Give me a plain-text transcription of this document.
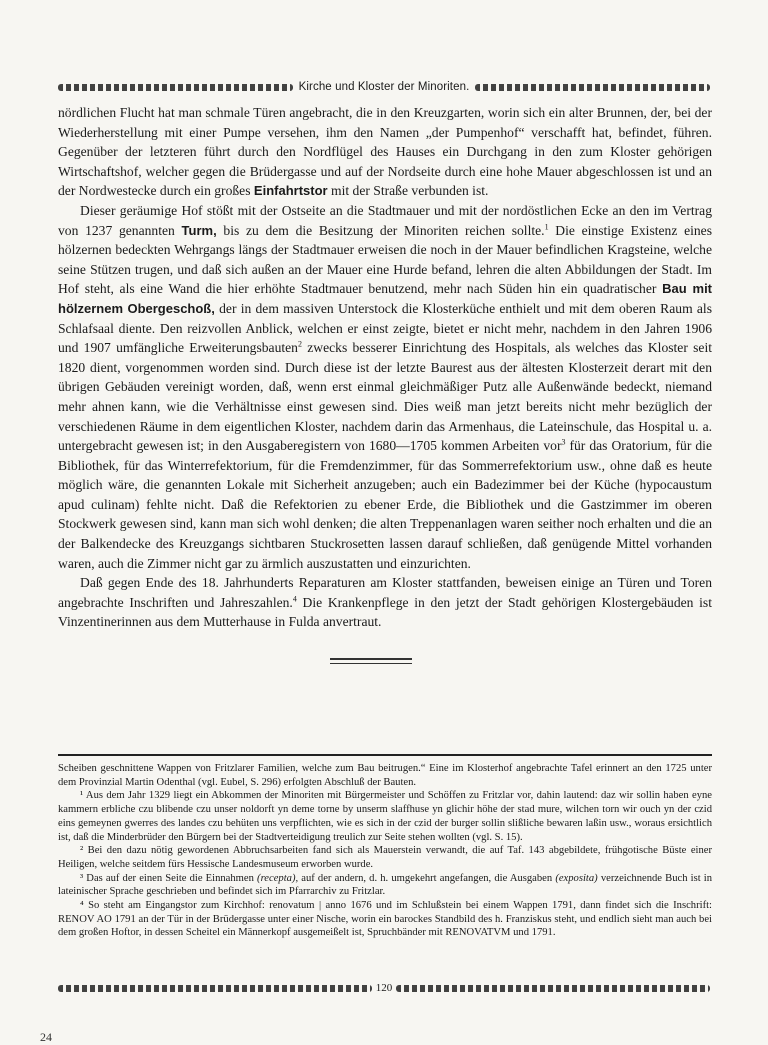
Kirche und Kloster der Minoriten.

nördlichen Flucht hat man schmale Türen angebracht, die in den Kreuzgarten, worin sich ein alter Brunnen, der, bei der Wiederherstellung mit einer Pumpe versehen, ihm den Namen „der Pumpenhof“ verschafft hat, befindet, führen. Gegenüber der letzteren führt durch den Nordflügel des Hauses ein Durchgang in den zum Kloster gehörigen Wirtschaftshof, welcher gegen die Brüdergasse und auf der Nordseite durch eine hohe Mauer abgeschlossen ist und an der Nordwestecke durch ein großes Einfahrtstor mit der Straße verbunden ist.

Dieser geräumige Hof stößt mit der Ostseite an die Stadtmauer und mit der nordöstlichen Ecke an den im Vertrag von 1237 genannten Turm, bis zu dem die Besitzung der Minoriten reichen sollte.$^1$ Die einstige Existenz eines hölzernen bedeckten Wehrgangs längs der Stadtmauer erweisen die noch in der Mauer befindlichen Kragsteine, welche seine Stützen trugen, und daß sich außen an der Mauer eine Hurde befand, lehren die alten Abbildungen der Stadt. Im Hof steht, als eine Wand die hier erhöhte Stadtmauer benutzend, mehr nach Süden hin ein quadratischer Bau mit hölzernem Obergeschoß, der in dem massiven Unterstock die Klosterküche enthielt und mit dem oberen Raum als Schlafsaal diente. Den reizvollen Anblick, welchen er einst zeigte, bietet er nicht mehr, nachdem in den Jahren 1906 und 1907 umfängliche Erweiterungsbauten$^2$ zwecks besserer Einrichtung des Hospitals, als welches das Kloster seit 1820 dient, vorgenommen worden sind. Durch diese ist der letzte Baurest aus der ältesten Klosterzeit derart mit den übrigen Gebäuden vereinigt worden, daß, wenn erst einmal gleichmäßiger Putz alle Außenwände bedeckt, niemand mehr ahnen kann, wie die Verhältnisse einst gewesen sind. Dies weiß man jetzt bereits nicht mehr bezüglich der verschiedenen Räume in dem eigentlichen Kloster, nachdem darin das Armenhaus, die Lateinschule, das Hospital u. a. untergebracht gewesen ist; in den Ausgaberegistern von 1680—1705 kommen Arbeiten vor$^3$ für das Oratorium, für die Bibliothek, für das Winterrefektorium, für die Fremdenzimmer, für das Sommerrefektorium usw., ohne daß es heute möglich wäre, die genannten Lokale mit Sicherheit anzugeben; auch ein Badezimmer bei der Küche (hypocaustum apud culinam) fehlte nicht. Daß die Refektorien zu ebener Erde, die Bibliothek und die Gastzimmer im oberen Stockwerk gewesen sind, kann man sich wohl denken; die alten Treppenanlagen waren seither noch erhalten und die an der Balkendecke des Kreuzgangs sichtbaren Stuckrosetten lassen darauf schließen, daß genügende Mittel vorhanden waren, auch die Zimmer nicht gar zu ärmlich auszustatten und einzurichten.

Daß gegen Ende des 18. Jahrhunderts Reparaturen am Kloster stattfanden, beweisen einige an Türen und Toren angebrachte Inschriften und Jahreszahlen.$^4$ Die Krankenpflege in den jetzt der Stadt gehörigen Klostergebäuden ist Vinzentinerinnen aus dem Mutterhause in Fulda anvertraut.

Scheiben geschnittene Wappen von Fritzlarer Familien, welche zum Bau beitrugen.“ Eine im Klosterhof angebrachte Tafel erinnert an den 1725 unter dem Provinzial Martin Odenthal (vgl. Eubel, S. 296) erfolgten Abschluß der Bauten.

¹ Aus dem Jahr 1329 liegt ein Abkommen der Minoriten mit Bürgermeister und Schöffen zu Fritzlar vor, dahin lautend: daz wir sollin haben eyne kammern erbliche czu blibende czu unser noldorft yn deme torne by unserm slaffhuse yn glichir höhe der stad mure, wilchen torn wir ouch yn der czid eins gemeynen gwerres des landes czu behüten uns verpflichten, wie es sich in der czid der burger sollin slißliche bewaren laßin usw., woraus ersichtlich ist, daß die Minderbrüder den Bürgern bei der Stadtverteidigung treulich zur Seite stehen wollten (vgl. S. 15).

² Bei den dazu nötig gewordenen Abbruchsarbeiten fand sich als Mauerstein verwandt, die auf Taf. 143 abgebildete, frühgotische Büste einer Heiligen, welche seitdem fürs Hessische Landesmuseum erworben wurde.

³ Das auf der einen Seite die Einnahmen (recepta), auf der andern, d. h. umgekehrt angefangen, die Ausgaben (exposita) verzeichnende Buch ist in lateinischer Sprache geschrieben und befindet sich im Pfarrarchiv zu Fritzlar.

⁴ So steht am Eingangstor zum Kirchhof: renovatum | anno 1676 und im Schlußstein bei einem Wappen 1791, dann findet sich die Inschrift: RENOV AO 1791 an der Tür in der Brüdergasse unter einer Nische, worin ein barockes Standbild des h. Franziskus steht, und endlich sieht man auch bei dem großen Hoftor, in dessen Scheitel ein Männerkopf ausgemeißelt ist, Spruchbänder mit RENOVATVM und 1791.

120
24
